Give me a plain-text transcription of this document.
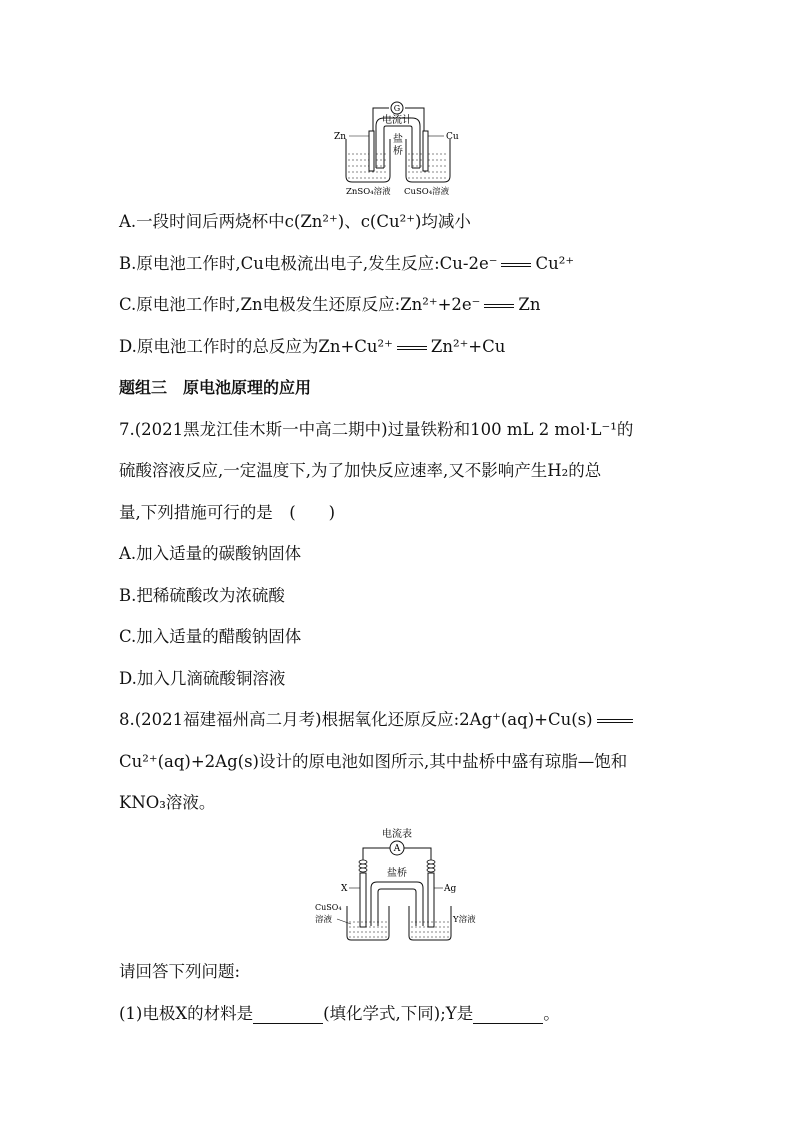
G
电流计
盐
桥
Zn	Cu
ZnSO₄溶液 CuSO₄溶液
A.一段时间后两烧杯中c(Zn²⁺)、c(Cu²⁺)均减小
B.原电池工作时,Cu电极流出电子,发生反应:Cu-2e⁻ Cu²⁺
C.原电池工作时,Zn电极发生还原反应:Zn²⁺+2e⁻ Zn
D.原电池工作时的总反应为Zn+Cu²⁺ Zn²⁺+Cu
题组三　原电池原理的应用
7.(2021黑龙江佳木斯一中高二期中)过量铁粉和100 mL 2 mol·L⁻¹的
硫酸溶液反应,一定温度下,为了加快反应速率,又不影响产生H₂的总
量,下列措施可行的是　(　　)
A.加入适量的碳酸钠固体
B.把稀硫酸改为浓硫酸
C.加入适量的醋酸钠固体
D.加入几滴硫酸铜溶液
8.(2021福建福州高二月考)根据氧化还原反应:2Ag⁺(aq)+Cu(s)
Cu²⁺(aq)+2Ag(s)设计的原电池如图所示,其中盐桥中盛有琼脂—饱和
KNO₃溶液。
电流表
A
盐桥
X	Ag
CuSO₄
溶液	Y溶液
请回答下列问题:
(1)电极X的材料是	(填化学式,下同);Y是	。
